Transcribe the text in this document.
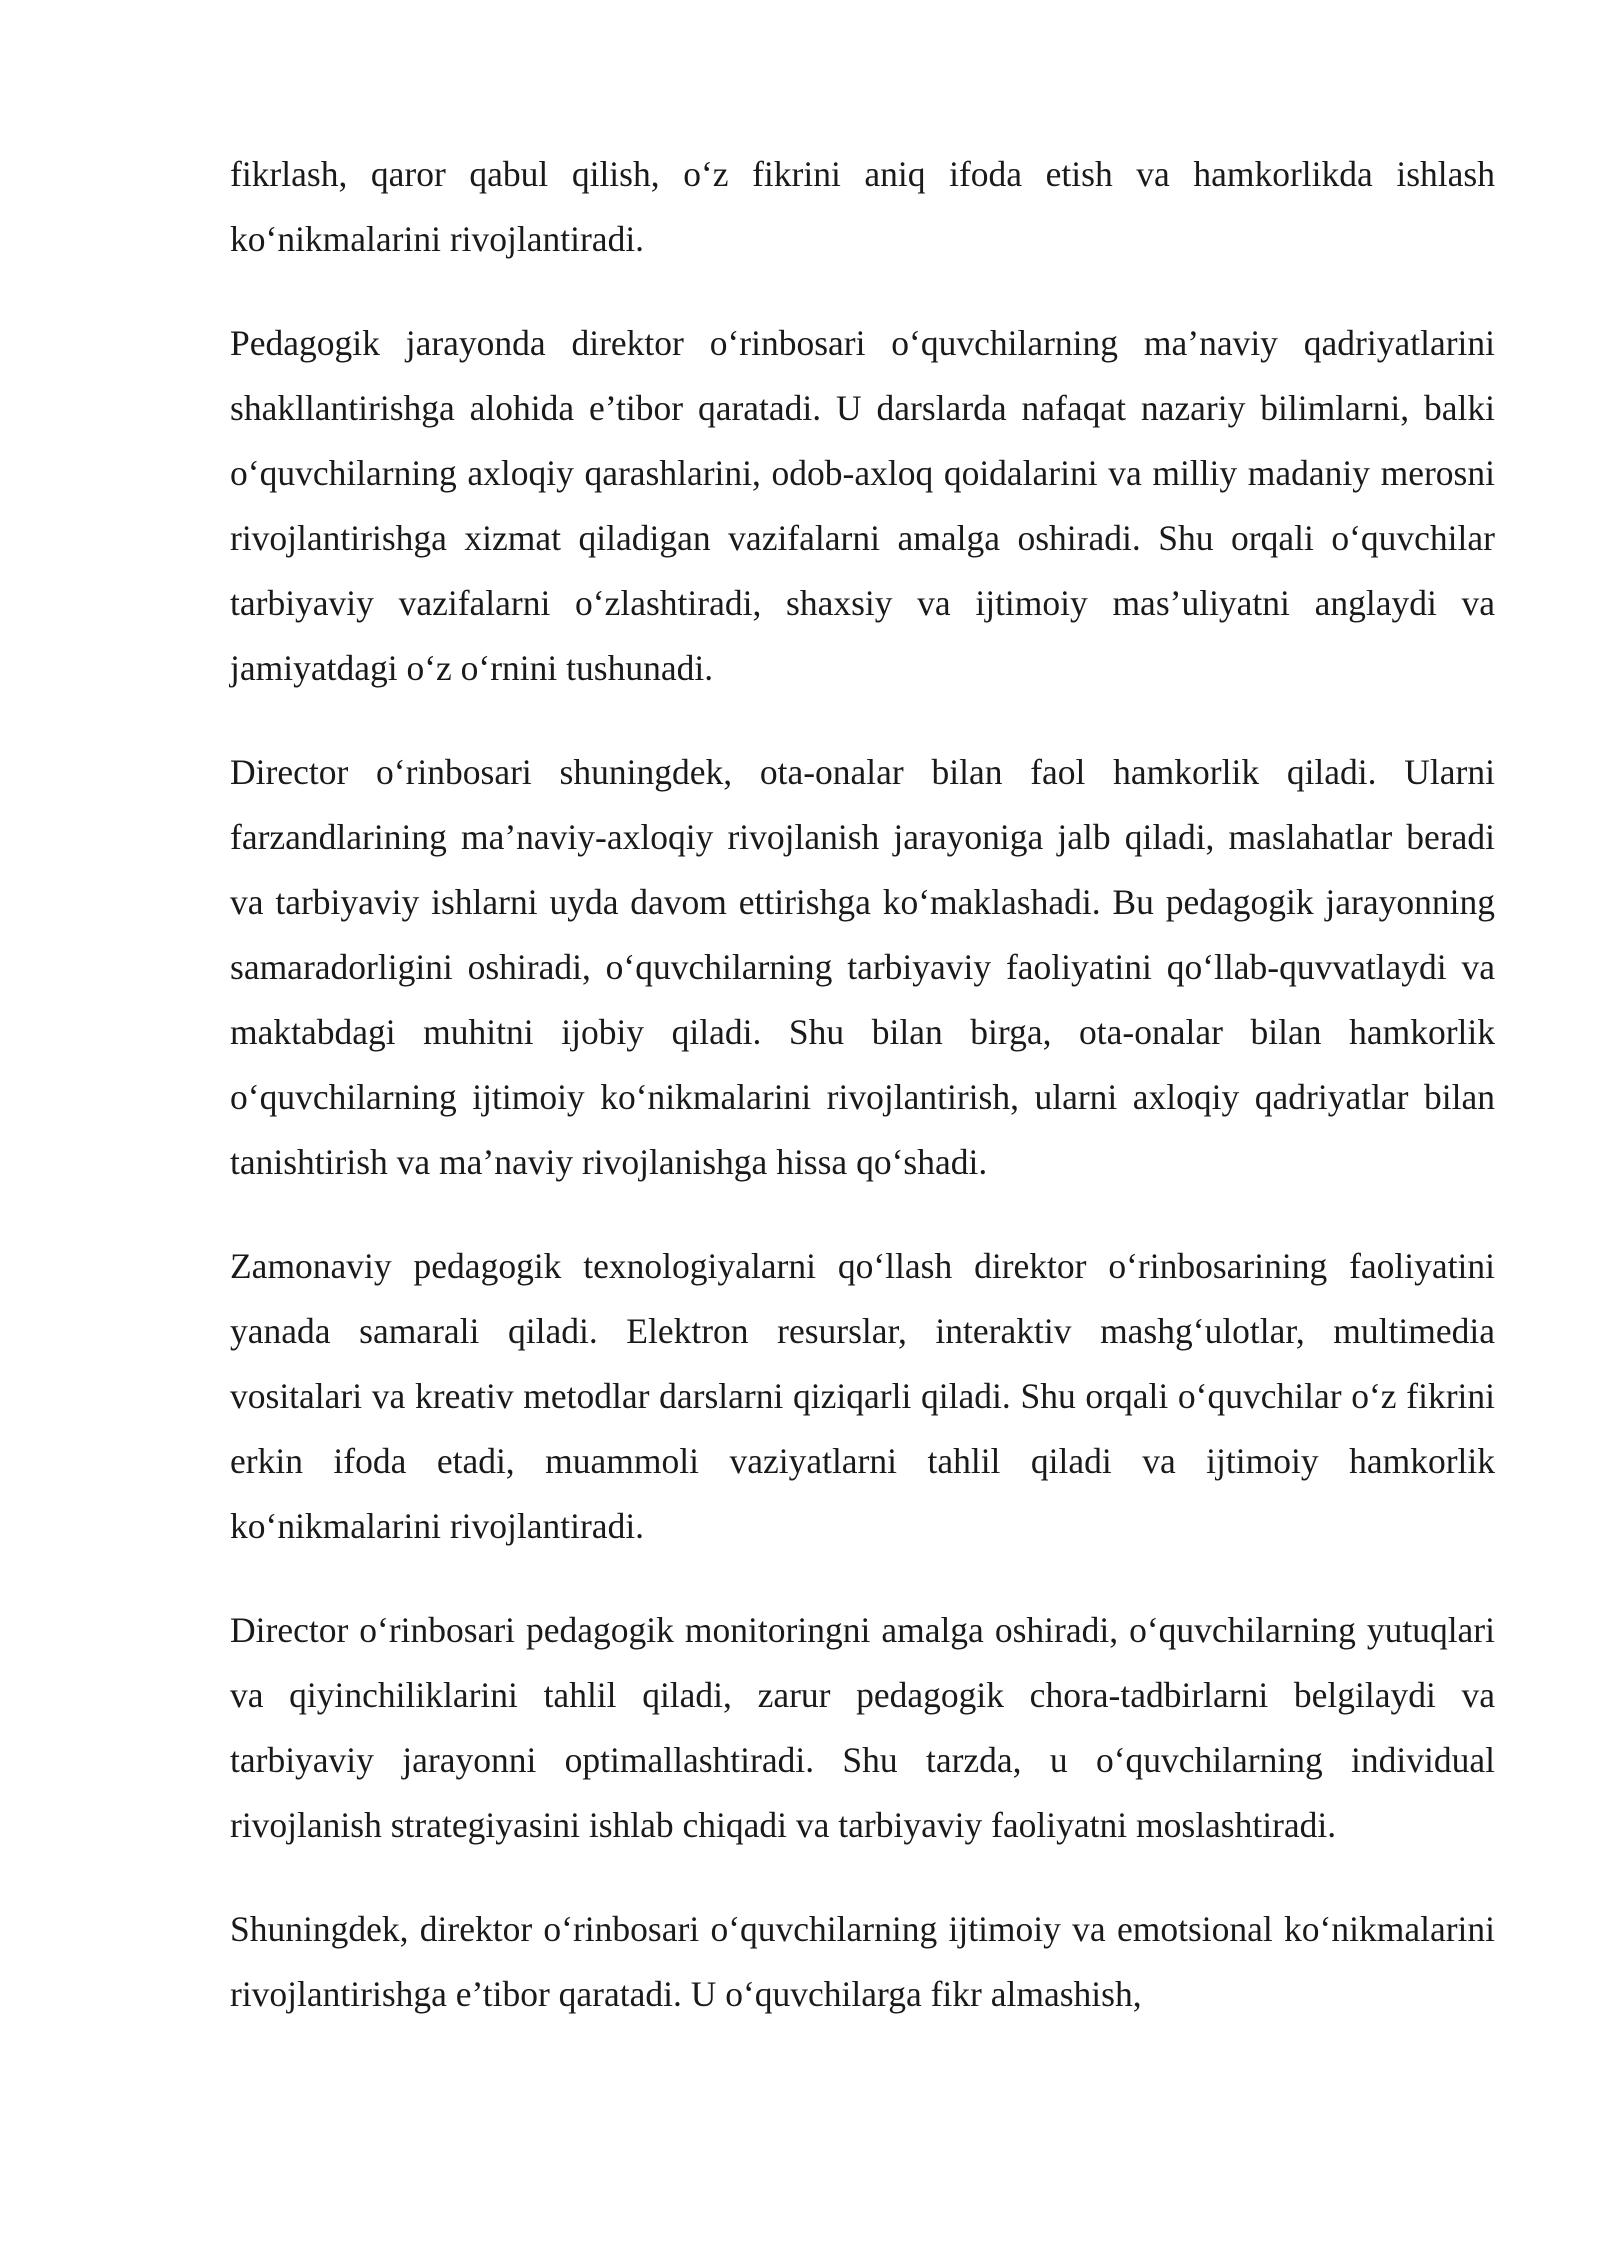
fikrlash, qaror qabul qilish, o‘z fikrini aniq ifoda etish va hamkorlikda ishlash ko‘nikmalarini rivojlantiradi.

Pedagogik jarayonda direktor o‘rinbosari o‘quvchilarning ma’naviy qadriyatlarini shakllantirishga alohida e’tibor qaratadi. U darslarda nafaqat nazariy bilimlarni, balki o‘quvchilarning axloqiy qarashlarini, odob-axloq qoidalarini va milliy madaniy merosni rivojlantirishga xizmat qiladigan vazifalarni amalga oshiradi. Shu orqali o‘quvchilar tarbiyaviy vazifalarni o‘zlashtiradi, shaxsiy va ijtimoiy mas’uliyatni anglaydi va jamiyatdagi o‘z o‘rnini tushunadi.

Director o‘rinbosari shuningdek, ota-onalar bilan faol hamkorlik qiladi. Ularni farzandlarining ma’naviy-axloqiy rivojlanish jarayoniga jalb qiladi, maslahatlar beradi va tarbiyaviy ishlarni uyda davom ettirishga ko‘maklashadi. Bu pedagogik jarayonning samaradorligini oshiradi, o‘quvchilarning tarbiyaviy faoliyatini qo‘llab-quvvatlaydi va maktabdagi muhitni ijobiy qiladi. Shu bilan birga, ota-onalar bilan hamkorlik o‘quvchilarning ijtimoiy ko‘nikmalarini rivojlantirish, ularni axloqiy qadriyatlar bilan tanishtirish va ma’naviy rivojlanishga hissa qo‘shadi.

Zamonaviy pedagogik texnologiyalarni qo‘llash direktor o‘rinbosarining faoliyatini yanada samarali qiladi. Elektron resurslar, interaktiv mashg‘ulotlar, multimedia vositalari va kreativ metodlar darslarni qiziqarli qiladi. Shu orqali o‘quvchilar o‘z fikrini erkin ifoda etadi, muammoli vaziyatlarni tahlil qiladi va ijtimoiy hamkorlik ko‘nikmalarini rivojlantiradi.

Director o‘rinbosari pedagogik monitoringni amalga oshiradi, o‘quvchilarning yutuqlari va qiyinchiliklarini tahlil qiladi, zarur pedagogik chora-tadbirlarni belgilaydi va tarbiyaviy jarayonni optimallashtiradi. Shu tarzda, u o‘quvchilarning individual rivojlanish strategiyasini ishlab chiqadi va tarbiyaviy faoliyatni moslashtiradi.

Shuningdek, direktor o‘rinbosari o‘quvchilarning ijtimoiy va emotsional ko‘nikmalarini rivojlantirishga e’tibor qaratadi. U o‘quvchilarga fikr almashish,
